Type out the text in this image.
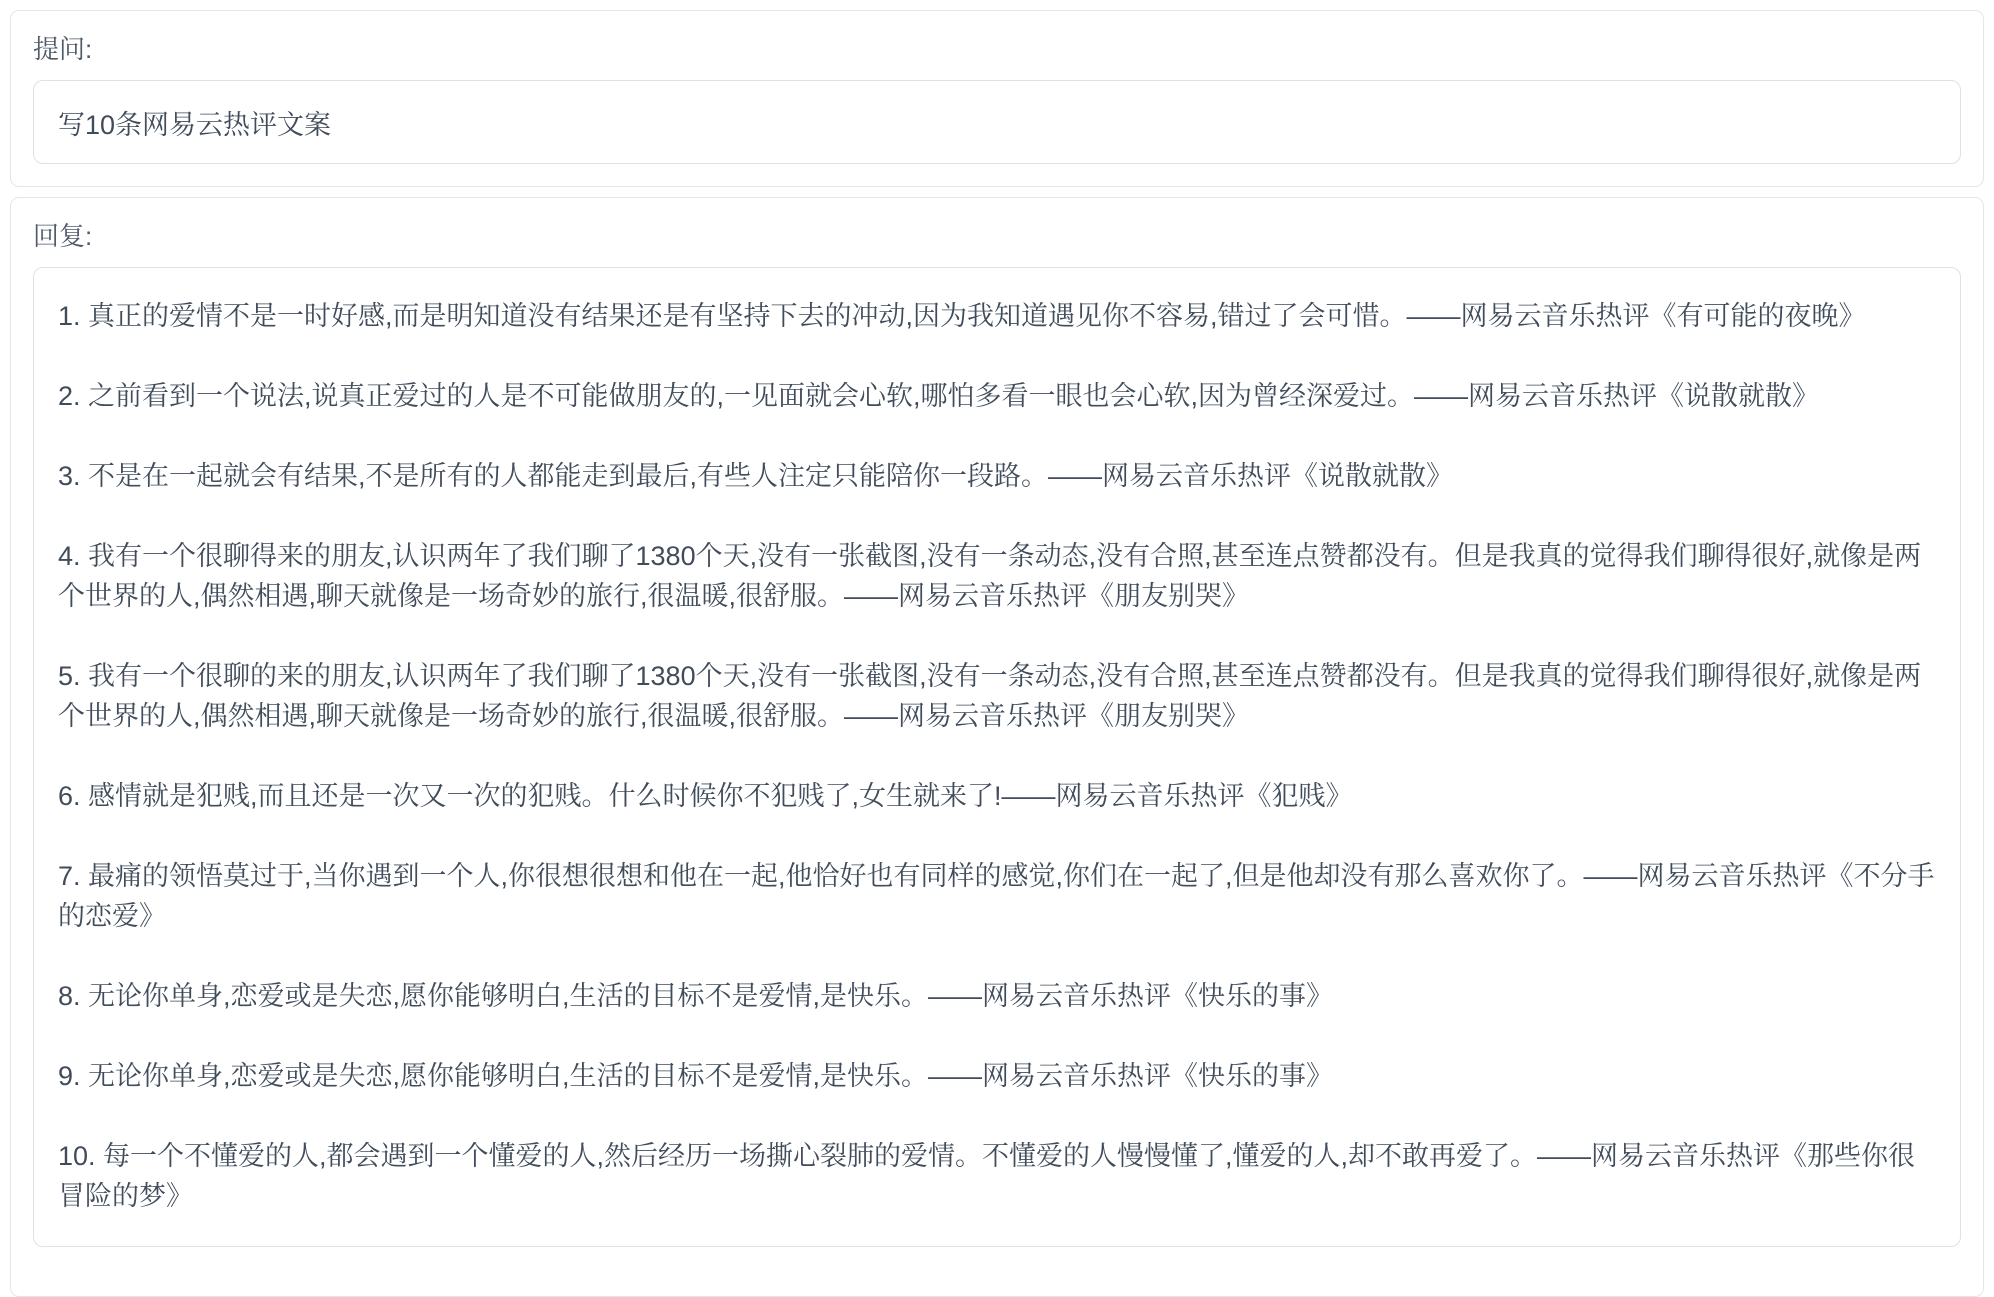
提问:
写10条网易云热评文案
回复:

1. 真正的爱情不是一时好感,而是明知道没有结果还是有坚持下去的冲动,因为我知道遇见你不容易,错过了会可惜。——网易云音乐热评《有可能的夜晚》

2. 之前看到一个说法,说真正爱过的人是不可能做朋友的,一见面就会心软,哪怕多看一眼也会心软,因为曾经深爱过。——网易云音乐热评《说散就散》

3. 不是在一起就会有结果,不是所有的人都能走到最后,有些人注定只能陪你一段路。——网易云音乐热评《说散就散》

4. 我有一个很聊得来的朋友,认识两年了我们聊了1380个天,没有一张截图,没有一条动态,没有合照,甚至连点赞都没有。但是我真的觉得我们聊得很好,就像是两个世界的人,偶然相遇,聊天就像是一场奇妙的旅行,很温暖,很舒服。——网易云音乐热评《朋友别哭》

5. 我有一个很聊的来的朋友,认识两年了我们聊了1380个天,没有一张截图,没有一条动态,没有合照,甚至连点赞都没有。但是我真的觉得我们聊得很好,就像是两个世界的人,偶然相遇,聊天就像是一场奇妙的旅行,很温暖,很舒服。——网易云音乐热评《朋友别哭》

6. 感情就是犯贱,而且还是一次又一次的犯贱。什么时候你不犯贱了,女生就来了!——网易云音乐热评《犯贱》

7. 最痛的领悟莫过于,当你遇到一个人,你很想很想和他在一起,他恰好也有同样的感觉,你们在一起了,但是他却没有那么喜欢你了。——网易云音乐热评《不分手的恋爱》

8. 无论你单身,恋爱或是失恋,愿你能够明白,生活的目标不是爱情,是快乐。——网易云音乐热评《快乐的事》

9. 无论你单身,恋爱或是失恋,愿你能够明白,生活的目标不是爱情,是快乐。——网易云音乐热评《快乐的事》

10. 每一个不懂爱的人,都会遇到一个懂爱的人,然后经历一场撕心裂肺的爱情。不懂爱的人慢慢懂了,懂爱的人,却不敢再爱了。——网易云音乐热评《那些你很冒险的梦》
